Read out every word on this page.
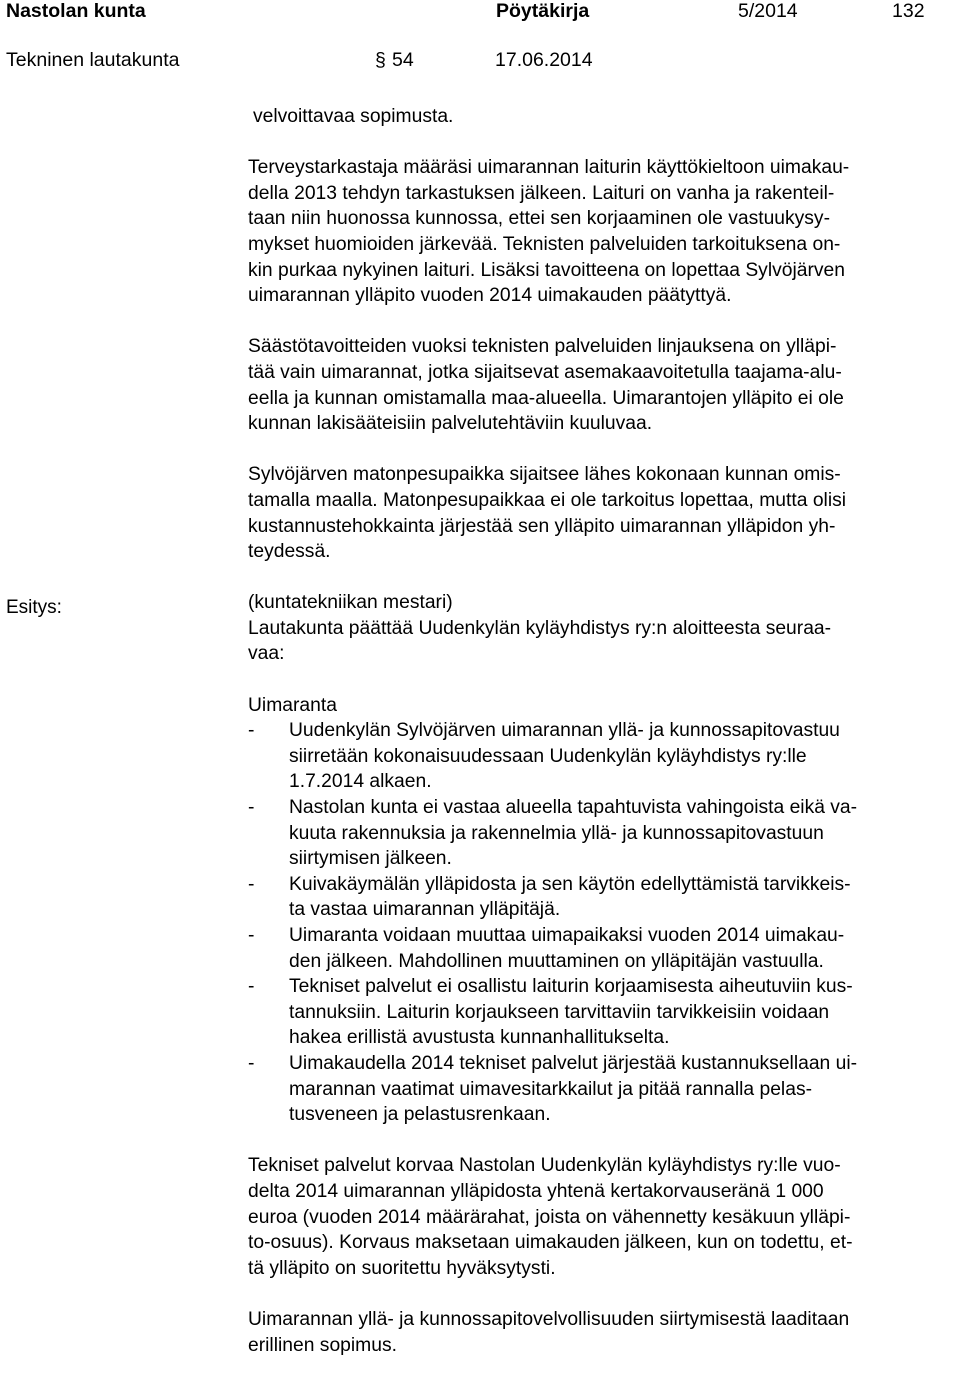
Nastolan kunta	Pöytäkirja	5/2014	132
Tekninen lautakunta	§ 54	17.06.2014
Esitys:

velvoittavaa sopimusta.

Terveystarkastaja määräsi uimarannan laiturin käyttökieltoon uimakau-

della 2013 tehdyn tarkastuksen jälkeen. Laituri on vanha ja rakenteil-

taan niin huonossa kunnossa, ettei sen korjaaminen ole vastuukysy-

mykset huomioiden järkevää. Teknisten palveluiden tarkoituksena on-

kin purkaa nykyinen laituri. Lisäksi tavoitteena on lopettaa Sylvöjärven

uimarannan ylläpito vuoden 2014 uimakauden päätyttyä.

Säästötavoitteiden vuoksi teknisten palveluiden linjauksena on ylläpi-

tää vain uimarannat, jotka sijaitsevat asemakaavoitetulla taajama-alu-

eella ja kunnan omistamalla maa-alueella. Uimarantojen ylläpito ei ole

kunnan lakisääteisiin palvelutehtäviin kuuluvaa.

Sylvöjärven matonpesupaikka sijaitsee lähes kokonaan kunnan omis-

tamalla maalla. Matonpesupaikkaa ei ole tarkoitus lopettaa, mutta olisi

kustannustehokkainta järjestää sen ylläpito uimarannan ylläpidon yh-

teydessä.

(kuntatekniikan mestari)

Lautakunta päättää Uudenkylän kyläyhdistys ry:n aloitteesta seuraa-

vaa:

Uimaranta

-	Uudenkylän Sylvöjärven uimarannan yllä- ja kunnossapitovastuu
siirretään kokonaisuudessaan Uudenkylän kyläyhdistys ry:lle
1.7.2014 alkaen.
-	Nastolan kunta ei vastaa alueella tapahtuvista vahingoista eikä va-
kuuta rakennuksia ja rakennelmia yllä- ja kunnossapitovastuun
siirtymisen jälkeen.
-	Kuivakäymälän ylläpidosta ja sen käytön edellyttämistä tarvikkeis-
ta vastaa uimarannan ylläpitäjä.
-	Uimaranta voidaan muuttaa uimapaikaksi vuoden 2014 uimakau-
den jälkeen. Mahdollinen muuttaminen on ylläpitäjän vastuulla.
-	Tekniset palvelut ei osallistu laiturin korjaamisesta aiheutuviin kus-
tannuksiin. Laiturin korjaukseen tarvittaviin tarvikkeisiin voidaan
hakea erillistä avustusta kunnanhallitukselta.
-	Uimakaudella 2014 tekniset palvelut järjestää kustannuksellaan ui-
marannan vaatimat uimavesitarkkailut ja pitää rannalla pelas-
tusveneen ja pelastusrenkaan.

Tekniset palvelut korvaa Nastolan Uudenkylän kyläyhdistys ry:lle vuo-

delta 2014 uimarannan ylläpidosta yhtenä kertakorvauseränä 1 000

euroa (vuoden 2014 määrärahat, joista on vähennetty kesäkuun ylläpi-

to-osuus). Korvaus maksetaan uimakauden jälkeen, kun on todettu, et-

tä ylläpito on suoritettu hyväksytysti.

Uimarannan yllä- ja kunnossapitovelvollisuuden siirtymisestä laaditaan

erillinen sopimus.
